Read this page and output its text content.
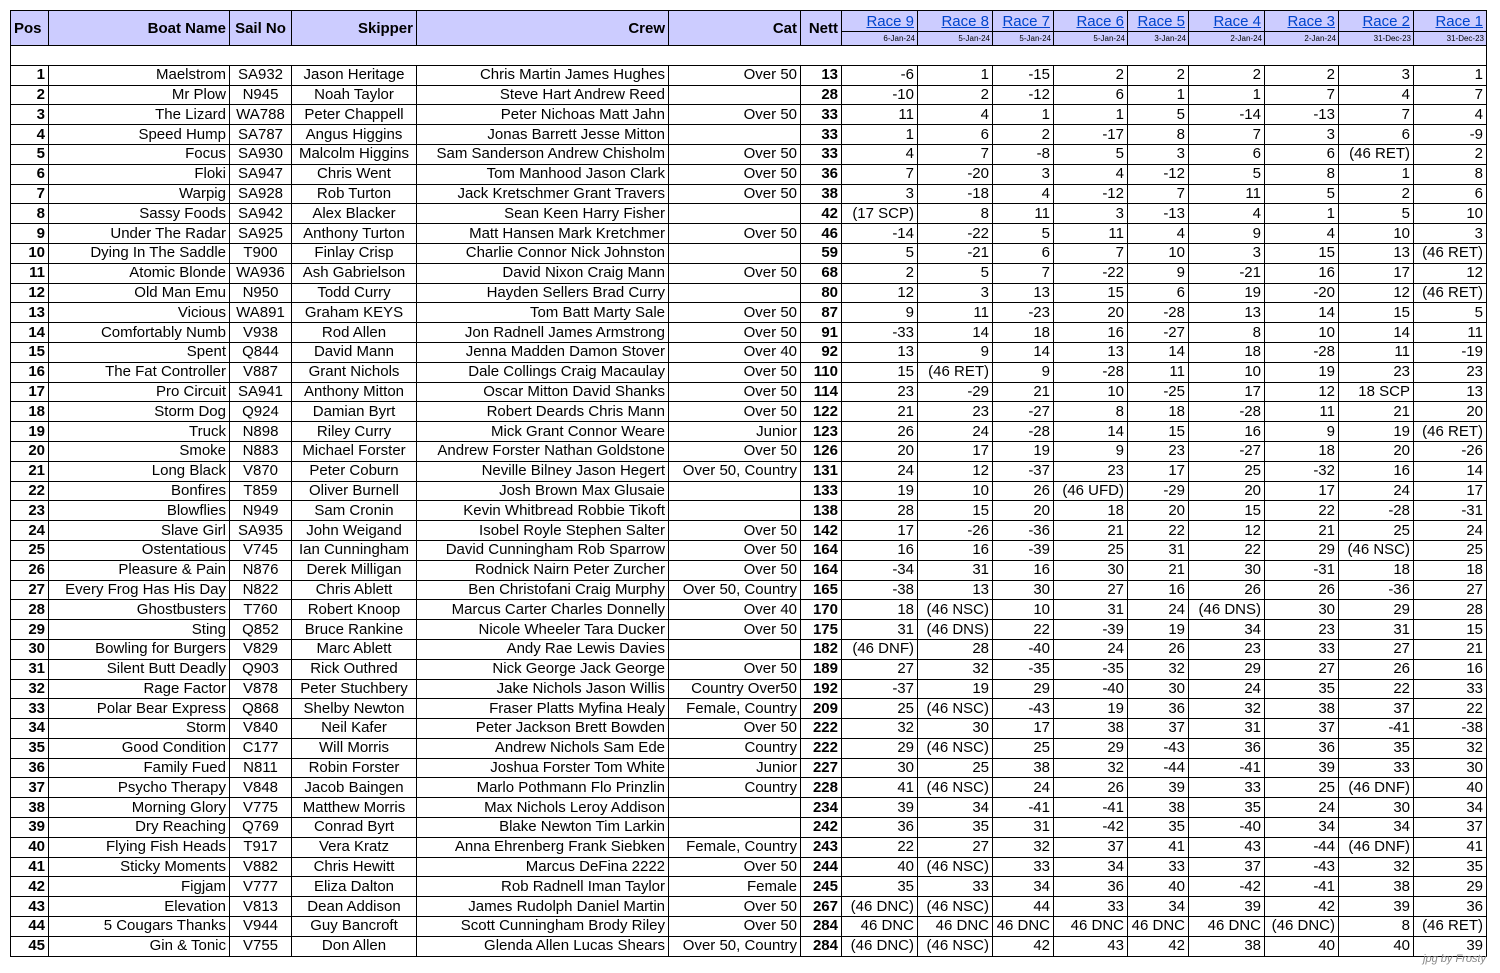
Pos	Boat Name	Sail No	Skipper	Crew	Cat	Nett	Race 9	Race 8	Race 7	Race 6	Race 5	Race 4	Race 3	Race 2	Race 1
							6-Jan-24	5-Jan-24	5-Jan-24	5-Jan-24	3-Jan-24	2-Jan-24	2-Jan-24	31-Dec-23	31-Dec-23

1	Maelstrom	SA932	Jason Heritage	Chris Martin James Hughes	Over 50	13	-6	1	-15	2	2	2	2	3	1
2	Mr Plow	N945	Noah Taylor	Steve Hart Andrew Reed		28	-10	2	-12	6	1	1	7	4	7
3	The Lizard	WA788	Peter Chappell	Peter Nichoas Matt Jahn	Over 50	33	11	4	1	1	5	-14	-13	7	4
4	Speed Hump	SA787	Angus Higgins	Jonas Barrett Jesse Mitton		33	1	6	2	-17	8	7	3	6	-9
5	Focus	SA930	Malcolm Higgins	Sam Sanderson Andrew Chisholm	Over 50	33	4	7	-8	5	3	6	6	(46 RET)	2
6	Floki	SA947	Chris Went	Tom Manhood Jason Clark	Over 50	36	7	-20	3	4	-12	5	8	1	8
7	Warpig	SA928	Rob Turton	Jack Kretschmer Grant Travers	Over 50	38	3	-18	4	-12	7	11	5	2	6
8	Sassy Foods	SA942	Alex Blacker	Sean Keen Harry Fisher		42	(17 SCP)	8	11	3	-13	4	1	5	10
9	Under The Radar	SA925	Anthony Turton	Matt Hansen Mark Kretchmer	Over 50	46	-14	-22	5	11	4	9	4	10	3
10	Dying In The Saddle	T900	Finlay Crisp	Charlie Connor Nick Johnston		59	5	-21	6	7	10	3	15	13	(46 RET)
11	Atomic Blonde	WA936	Ash Gabrielson	David Nixon Craig Mann	Over 50	68	2	5	7	-22	9	-21	16	17	12
12	Old Man Emu	N950	Todd Curry	Hayden Sellers Brad Curry		80	12	3	13	15	6	19	-20	12	(46 RET)
13	Vicious	WA891	Graham KEYS	Tom Batt Marty Sale	Over 50	87	9	11	-23	20	-28	13	14	15	5
14	Comfortably Numb	V938	Rod Allen	Jon Radnell James Armstrong	Over 50	91	-33	14	18	16	-27	8	10	14	11
15	Spent	Q844	David Mann	Jenna Madden Damon Stover	Over 40	92	13	9	14	13	14	18	-28	11	-19
16	The Fat Controller	V887	Grant Nichols	Dale Collings Craig Macaulay	Over 50	110	15	(46 RET)	9	-28	11	10	19	23	23
17	Pro Circuit	SA941	Anthony Mitton	Oscar Mitton David Shanks	Over 50	114	23	-29	21	10	-25	17	12	18 SCP	13
18	Storm Dog	Q924	Damian Byrt	Robert Deards Chris Mann	Over 50	122	21	23	-27	8	18	-28	11	21	20
19	Truck	N898	Riley Curry	Mick Grant Connor Weare	Junior	123	26	24	-28	14	15	16	9	19	(46 RET)
20	Smoke	N883	Michael Forster	Andrew Forster Nathan Goldstone	Over 50	126	20	17	19	9	23	-27	18	20	-26
21	Long Black	V870	Peter Coburn	Neville Bilney Jason Hegert	Over 50, Country	131	24	12	-37	23	17	25	-32	16	14
22	Bonfires	T859	Oliver Burnell	Josh Brown Max Glusaie		133	19	10	26	(46 UFD)	-29	20	17	24	17
23	Blowflies	N949	Sam Cronin	Kevin Whitbread Robbie Tikoft		138	28	15	20	18	20	15	22	-28	-31
24	Slave Girl	SA935	John Weigand	Isobel Royle Stephen Salter	Over 50	142	17	-26	-36	21	22	12	21	25	24
25	Ostentatious	V745	Ian Cunningham	David Cunningham Rob Sparrow	Over 50	164	16	16	-39	25	31	22	29	(46 NSC)	25
26	Pleasure & Pain	N876	Derek Milligan	Rodnick Nairn Peter Zurcher	Over 50	164	-34	31	16	30	21	30	-31	18	18
27	Every Frog Has His Day	N822	Chris Ablett	Ben Christofani Craig Murphy	Over 50, Country	165	-38	13	30	27	16	26	26	-36	27
28	Ghostbusters	T760	Robert Knoop	Marcus Carter Charles Donnelly	Over 40	170	18	(46 NSC)	10	31	24	(46 DNS)	30	29	28
29	Sting	Q852	Bruce Rankine	Nicole Wheeler Tara Ducker	Over 50	175	31	(46 DNS)	22	-39	19	34	23	31	15
30	Bowling for Burgers	V829	Marc Ablett	Andy Rae Lewis Davies		182	(46 DNF)	28	-40	24	26	23	33	27	21
31	Silent Butt Deadly	Q903	Rick Outhred	Nick George Jack George	Over 50	189	27	32	-35	-35	32	29	27	26	16
32	Rage Factor	V878	Peter Stuchbery	Jake Nichols Jason Willis	Country Over50	192	-37	19	29	-40	30	24	35	22	33
33	Polar Bear Express	Q868	Shelby Newton	Fraser Platts Myfina Healy	Female, Country	209	25	(46 NSC)	-43	19	36	32	38	37	22
34	Storm	V840	Neil Kafer	Peter Jackson Brett Bowden	Over 50	222	32	30	17	38	37	31	37	-41	-38
35	Good Condition	C177	Will Morris	Andrew Nichols Sam Ede	Country	222	29	(46 NSC)	25	29	-43	36	36	35	32
36	Family Fued	N811	Robin Forster	Joshua Forster Tom White	Junior	227	30	25	38	32	-44	-41	39	33	30
37	Psycho Therapy	V848	Jacob Baingen	Marlo Pothmann Flo Prinzlin	Country	228	41	(46 NSC)	24	26	39	33	25	(46 DNF)	40
38	Morning Glory	V775	Matthew Morris	Max Nichols Leroy Addison		234	39	34	-41	-41	38	35	24	30	34
39	Dry Reaching	Q769	Conrad Byrt	Blake Newton Tim Larkin		242	36	35	31	-42	35	-40	34	34	37
40	Flying Fish Heads	T917	Vera Kratz	Anna Ehrenberg Frank Siebken	Female, Country	243	22	27	32	37	41	43	-44	(46 DNF)	41
41	Sticky Moments	V882	Chris Hewitt	Marcus DeFina 2222	Over 50	244	40	(46 NSC)	33	34	33	37	-43	32	35
42	Figjam	V777	Eliza Dalton	Rob Radnell Iman Taylor	Female	245	35	33	34	36	40	-42	-41	38	29
43	Elevation	V813	Dean Addison	James Rudolph Daniel Martin	Over 50	267	(46 DNC)	(46 NSC)	44	33	34	39	42	39	36
44	5 Cougars Thanks	V944	Guy Bancroft	Scott Cunningham Brody Riley	Over 50	284	46 DNC	46 DNC	46 DNC	46 DNC	46 DNC	46 DNC	(46 DNC)	8	(46 RET)
45	Gin & Tonic	V755	Don Allen	Glenda Allen Lucas Shears	Over 50, Country	284	(46 DNC)	(46 NSC)	42	43	42	38	40	40	39
jpg by Frosty
